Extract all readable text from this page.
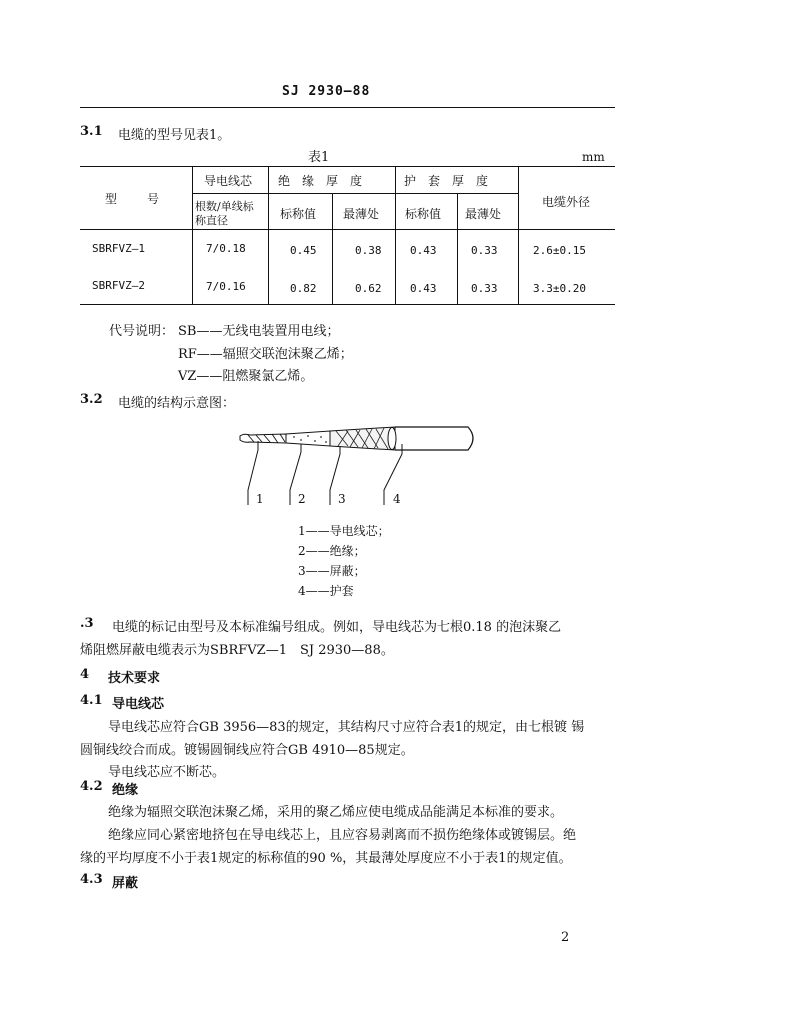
SJ 2930—88
3.1 电缆的型号见表1。
表1	mm
型　　号
导电线芯
根数/单线标
称直径
绝　缘　厚　度
标称值 最薄处
护　套　厚　度
标称值 最薄处
电缆外径
SBRFVZ—1	7/0.18	0.45	0.38	0.43	0.33	2.6±0.15
SBRFVZ—2	7/0.16	0.82	0.62	0.43	0.33	3.3±0.20
代号说明： SB——无线电装置用电线；
RF——辐照交联泡沫聚乙烯；
VZ——阻燃聚氯乙烯。
3.2 电缆的结构示意图：
1	2	3	4
1——导电线芯；
2——绝缘；
3——屏蔽；
4——护套
.3 电缆的标记由型号及本标准编号组成。例如，导电线芯为七根0.18 的泡沫聚乙
烯阻燃屏蔽电缆表示为SBRFVZ—1　SJ 2930—88。
4 技术要求
4.1 导电线芯
导电线芯应符合GB 3956—83的规定，其结构尺寸应符合表1的规定，由七根镀 锡
圆铜线绞合而成。镀锡圆铜线应符合GB 4910—85规定。
导电线芯应不断芯。
4.2 绝缘
绝缘为辐照交联泡沫聚乙烯，采用的聚乙烯应使电缆成品能满足本标准的要求。
绝缘应同心紧密地挤包在导电线芯上，且应容易剥离而不损伤绝缘体或镀锡层。绝
缘的平均厚度不小于表1规定的标称值的90 %，其最薄处厚度应不小于表1的规定值。
4.3 屏蔽
2
